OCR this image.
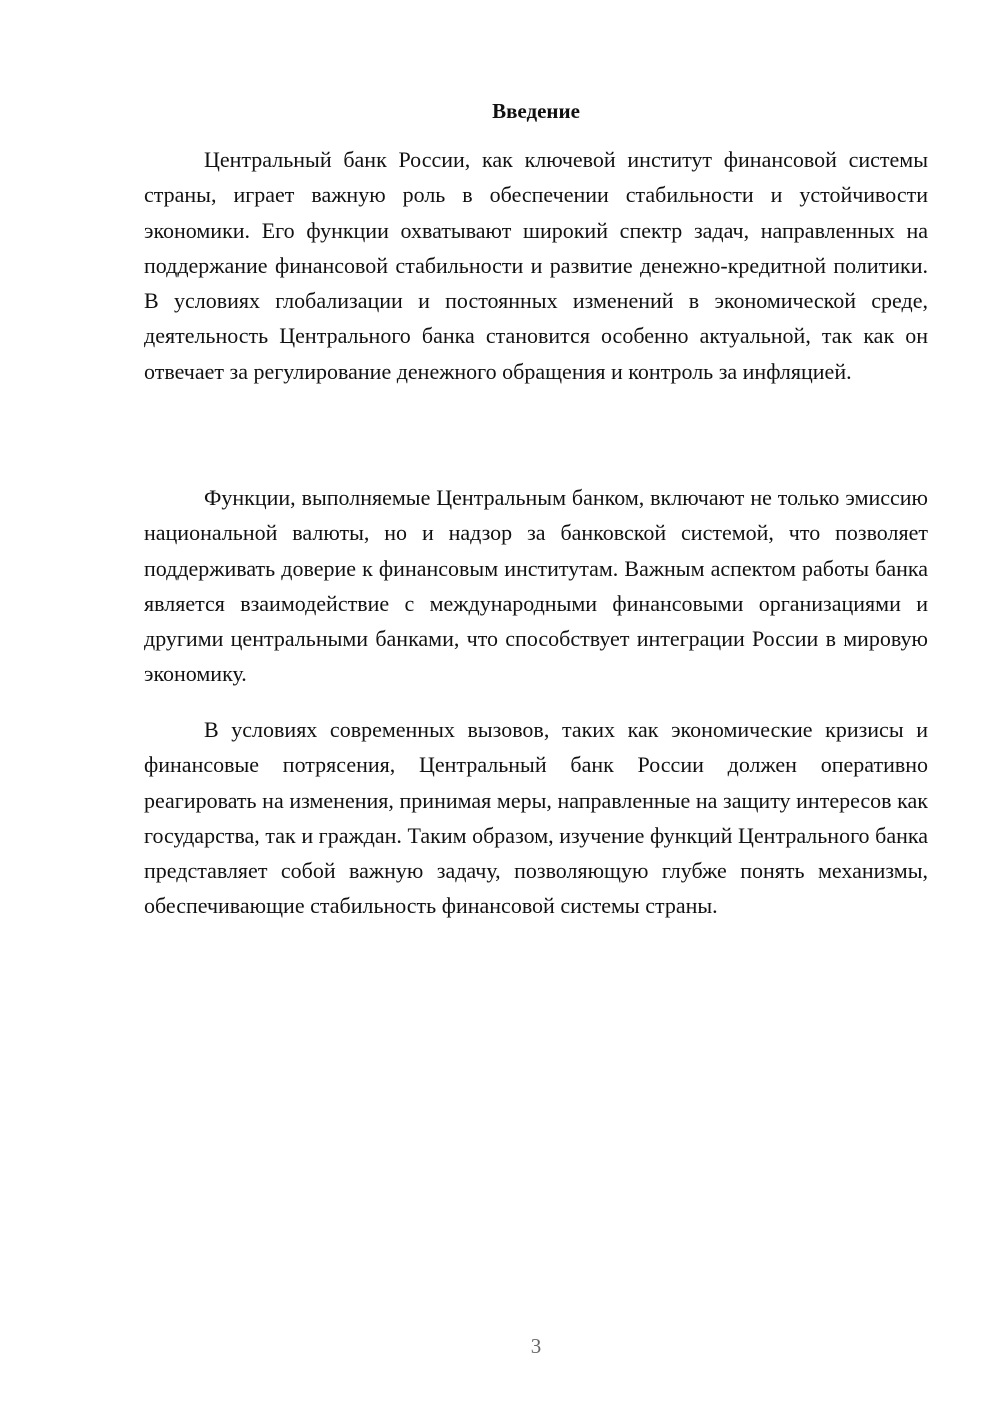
Введение

Центральный банк России, как ключевой институт финансовой системы страны, играет важную роль в обеспечении стабильности и устойчивости экономики. Его функции охватывают широкий спектр задач, направленных на поддержание финансовой стабильности и развитие денежно-кредитной политики. В условиях глобализации и постоянных изменений в экономической среде, деятельность Центрального банка становится особенно актуальной, так как он отвечает за регулирование денежного обращения и контроль за инфляцией.

Функции, выполняемые Центральным банком, включают не только эмиссию национальной валюты, но и надзор за банковской системой, что позволяет поддерживать доверие к финансовым институтам. Важным аспектом работы банка является взаимодействие с международными финансовыми организациями и другими центральными банками, что способствует интеграции России в мировую экономику.

В условиях современных вызовов, таких как экономические кризисы и финансовые потрясения, Центральный банк России должен оперативно реагировать на изменения, принимая меры, направленные на защиту интересов как государства, так и граждан. Таким образом, изучение функций Центрального банка представляет собой важную задачу, позволяющую глубже понять механизмы, обеспечивающие стабильность финансовой системы страны.

3
